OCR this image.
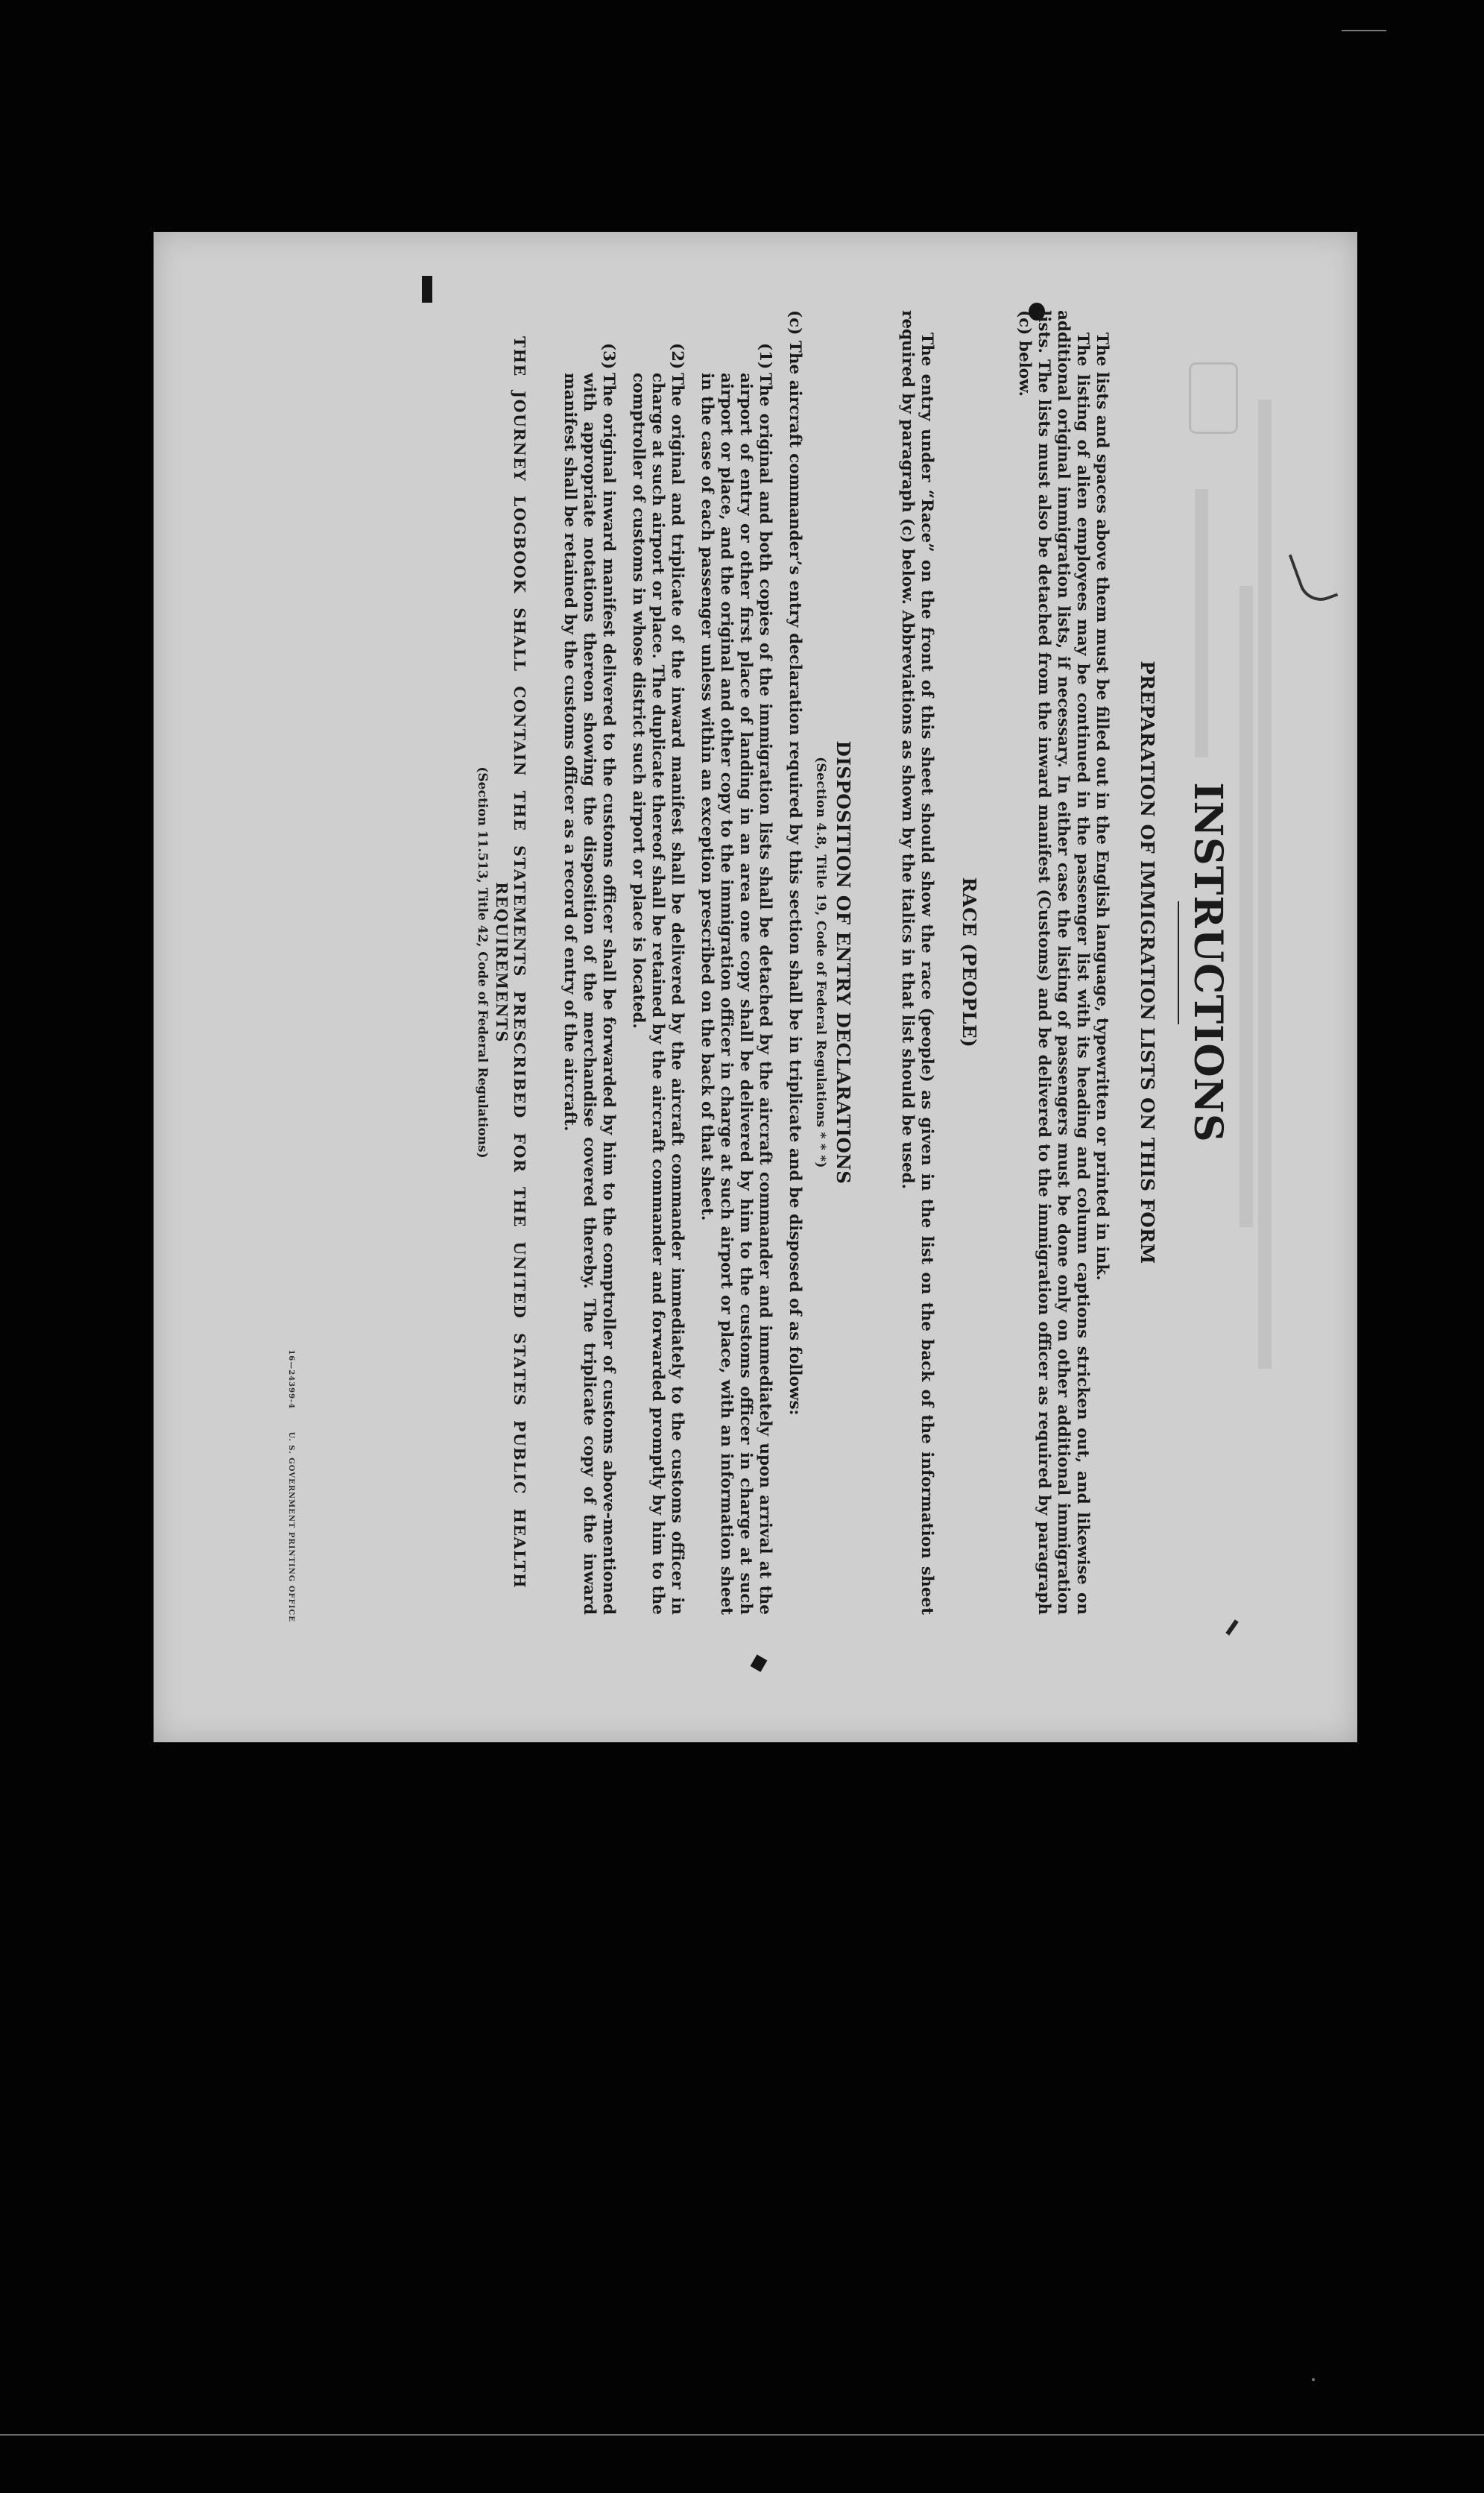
INSTRUCTIONS
PREPARATION OF IMMIGRATION LISTS ON THIS FORM

The lists and spaces above them must be filled out in the English language, typewritten or printed in ink.

The listing of alien employees may be continued in the passenger list with its heading and column captions stricken out, and likewise on additional original immigration lists, if necessary. In either case the listing of passengers must be done only on other additional immigration lists. The lists must also be detached from the inward manifest (Customs) and be delivered to the immigration officer as required by paragraph (c) below.

RACE (PEOPLE)

The entry under “Race” on the front of this sheet should show the race (people) as given in the list on the back of the information sheet required by paragraph (c) below. Abbreviations as shown by the italics in that list should be used.

DISPOSITION OF ENTRY DECLARATIONS

(Section 4.8, Title 19, Code of Federal Regulations * * *)

(c) The aircraft commander’s entry declaration required by this section shall be in triplicate and be disposed of as follows:

(1)
The original and both copies of the immigration lists shall be detached by the aircraft commander and immediately upon arrival at the airport of entry or other first place of landing in an area one copy shall be delivered by him to the customs officer in charge at such airport or place, and the original and other copy to the immigration officer in charge at such airport or place, with an information sheet in the case of each passenger unless within an exception prescribed on the back of that sheet.
(2)
The original and triplicate of the inward manifest shall be delivered by the aircraft commander immediately to the customs officer in charge at such airport or place. The duplicate thereof shall be retained by the aircraft commander and forwarded promptly by him to the comptroller of customs in whose district such airport or place is located.
(3)
The original inward manifest delivered to the customs officer shall be forwarded by him to the comptroller of customs above-mentioned with appropriate notations thereon showing the disposition of the merchandise covered thereby. The triplicate copy of the inward manifest shall be retained by the customs officer as a record of entry of the aircraft.

THE JOURNEY LOGBOOK SHALL CONTAIN THE STATEMENTS PRESCRIBED FOR THE UNITED STATES PUBLIC HEALTH REQUIREMENTS

(Section 11.513, Title 42, Code of Federal Regulations)

16—24399-4 U. S. GOVERNMENT PRINTING OFFICE
